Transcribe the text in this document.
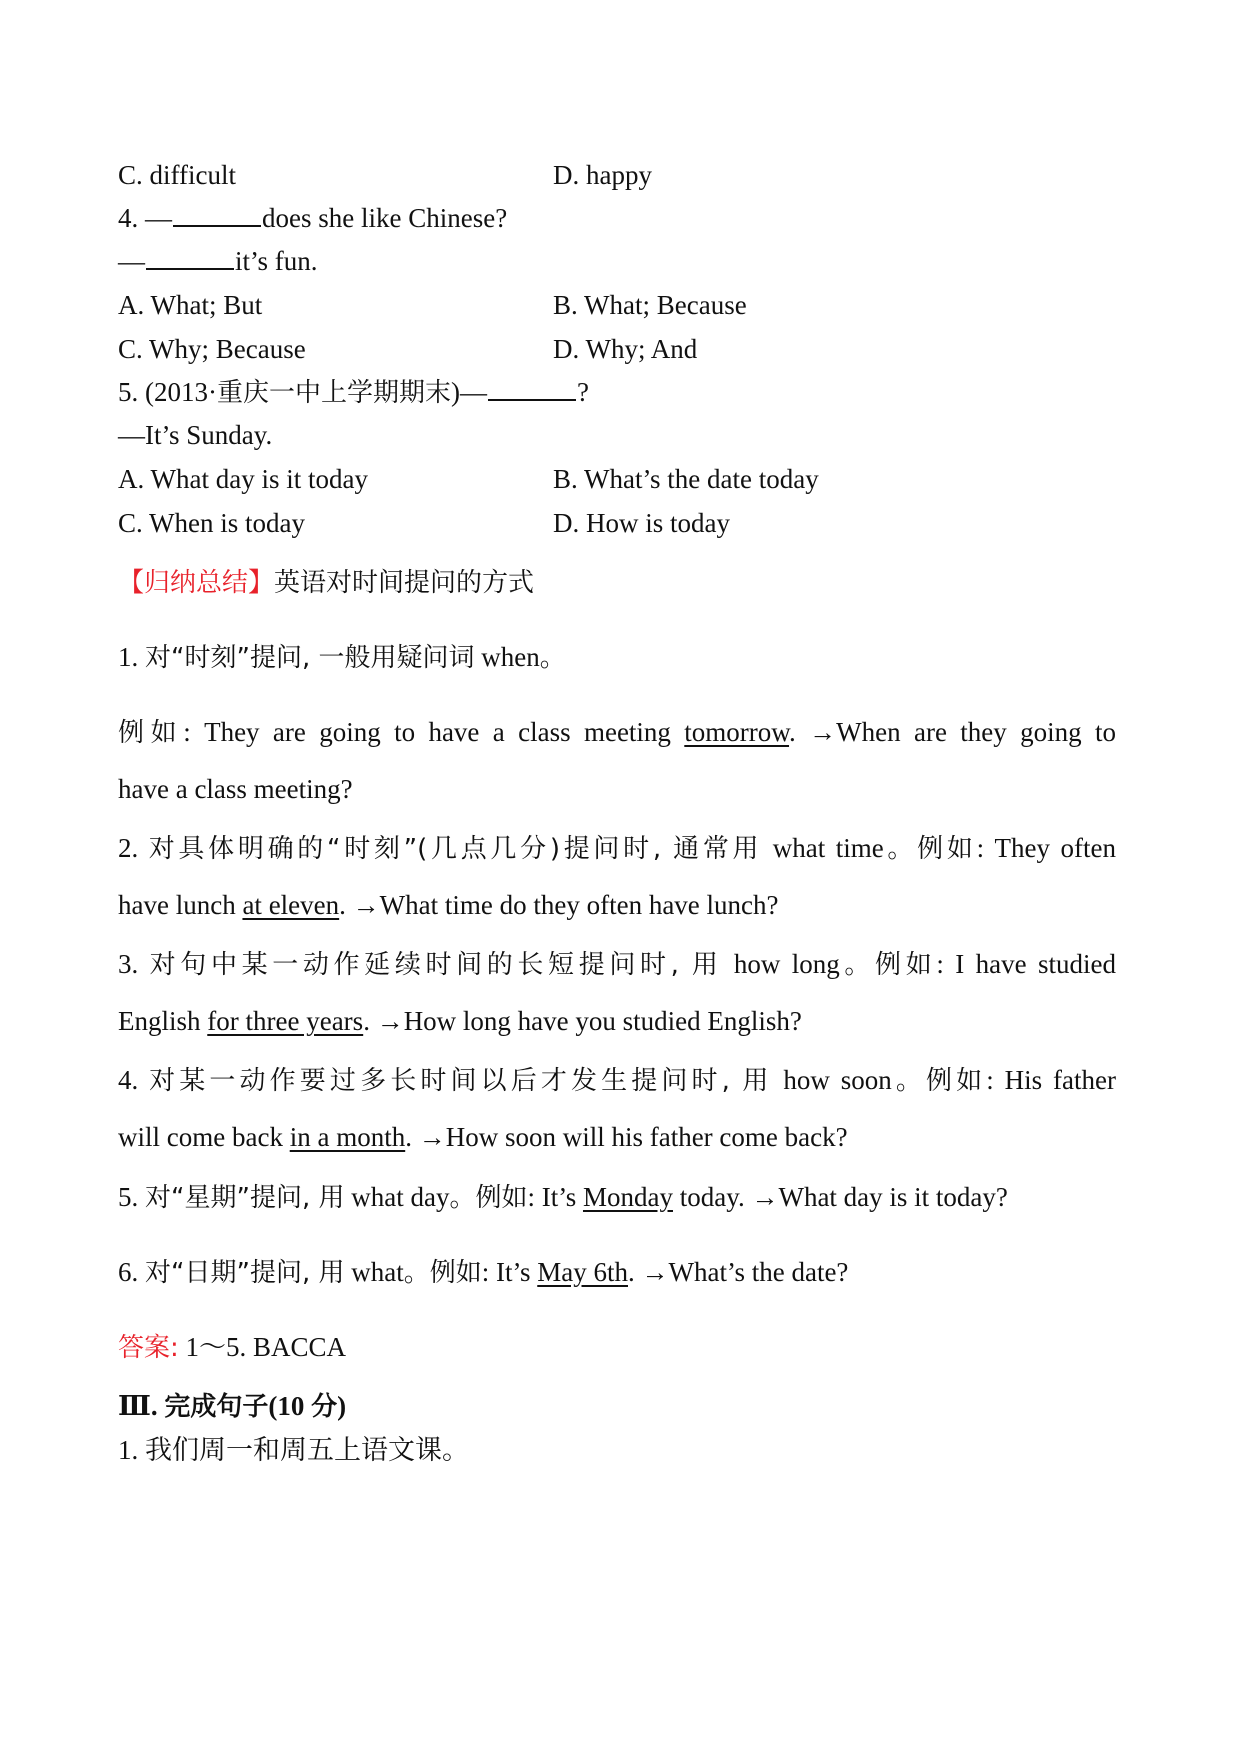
C. difficult	D. happy
4. —	does she like Chinese?
—	it’s fun.
A. What; But	B. What; Because
C. Why; Because	D. Why; And
5. (2013·重庆一中上学期期末)—	?
—It’s Sunday.
A. What day is it today	B. What’s the date today
C. When is today	D. How is today
【归纳总结】英语对时间提问的方式
1. 对“时刻”提问, 一般用疑问词 when。
例如: They are going to have a class meeting tomorrow. →When are they going to
have a class meeting?
2. 对具体明确的“时刻”(几点几分)提问时, 通常用 what time。例如: They often
have lunch at eleven. →What time do they often have lunch?
3. 对句中某一动作延续时间的长短提问时, 用 how long。例如: I have studied
English for three years. →How long have you studied English?
4. 对某一动作要过多长时间以后才发生提问时, 用 how soon。例如: His father
will come back in a month. →How soon will his father come back?
5. 对“星期”提问, 用 what day。例如: It’s Monday today. →What day is it today?
6. 对“日期”提问, 用 what。例如: It’s May 6th. →What’s the date?
答案: 1～5. BACCA
Ⅲ. 完成句子(10 分)
1. 我们周一和周五上语文课。
